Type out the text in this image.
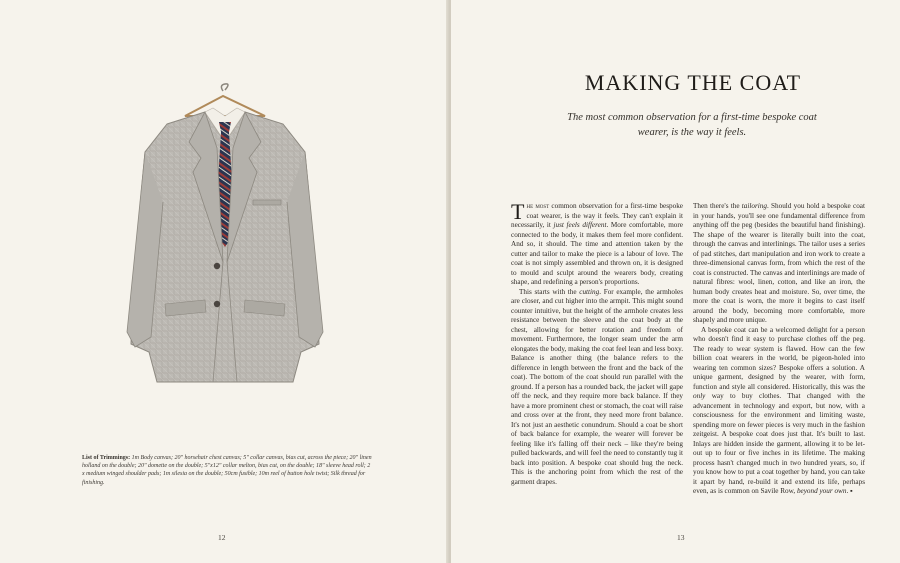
List of Trimmings: 1m Body canvas; 20" horsehair chest canvas; 5" collar canvas, bias cut, across the piece; 20" linen holland on the double; 20" domette on the double; 5"x12" collar melton, bias cut, on the double; 18" sleeve head roll; 2 x medium winged shoulder pads; 1m silesia on the double; 50cm fusible; 10m reel of button hole twist; Silk thread for finishing.
12
MAKING THE COAT
The most common observation for a first-time bespoke coat wearer, is the way it feels.

The most common observation for a first-time bespoke coat wearer, is the way it feels. They can't explain it necessarily, it just feels different. More comfortable, more connected to the body, it makes them feel more confident. And so, it should. The time and attention taken by the cutter and tailor to make the piece is a labour of love. The coat is not simply assembled and thrown on, it is designed to mould and sculpt around the wearers body, creating shape, and redefining a person's proportions.

This starts with the cutting. For example, the armholes are closer, and cut higher into the armpit. This might sound counter intuitive, but the height of the armhole creates less resistance between the sleeve and the coat body at the chest, allowing for better rotation and freedom of movement. Furthermore, the longer seam under the arm elongates the body, making the coat feel lean and less boxy. Balance is another thing (the balance refers to the difference in length between the front and the back of the coat). The bottom of the coat should run parallel with the ground. If a person has a rounded back, the jacket will gape off the neck, and they require more back balance. If they have a more prominent chest or stomach, the coat will raise and cross over at the front, they need more front balance. It's not just an aesthetic conundrum. Should a coat be short of back balance for example, the wearer will forever be feeling like it's falling off their neck – like they're being pulled backwards, and will feel the need to constantly tug it back into position. A bespoke coat should hug the neck. This is the anchoring point from which the rest of the garment drapes.

Then there's the tailoring. Should you hold a bespoke coat in your hands, you'll see one fundamental difference from anything off the peg (besides the beautiful hand finishing). The shape of the wearer is literally built into the coat, through the canvas and interlinings. The tailor uses a series of pad stitches, dart manipulation and iron work to create a three-dimensional canvas form, from which the rest of the coat is constructed. The canvas and interlinings are made of natural fibres: wool, linen, cotton, and like an iron, the human body creates heat and moisture. So, over time, the more the coat is worn, the more it begins to cast itself around the body, becoming more comfortable, more shapely and more unique.

A bespoke coat can be a welcomed delight for a person who doesn't find it easy to purchase clothes off the peg. The ready to wear system is flawed. How can the few billion coat wearers in the world, be pigeon-holed into wearing ten common sizes? Bespoke offers a solution. A unique garment, designed by the wearer, with form, function and style all considered. Historically, this was the only way to buy clothes. That changed with the advancement in technology and export, but now, with a consciousness for the environment and limiting waste, spending more on fewer pieces is very much in the fashion zeitgeist. A bespoke coat does just that. It's built to last. Inlays are hidden inside the garment, allowing it to be let-out up to four or five inches in its lifetime. The making process hasn't changed much in two hundred years, so, if you know how to put a coat together by hand, you can take it apart by hand, re-build it and extend its life, perhaps even, as is common on Savile Row, beyond your own. ▪

13
